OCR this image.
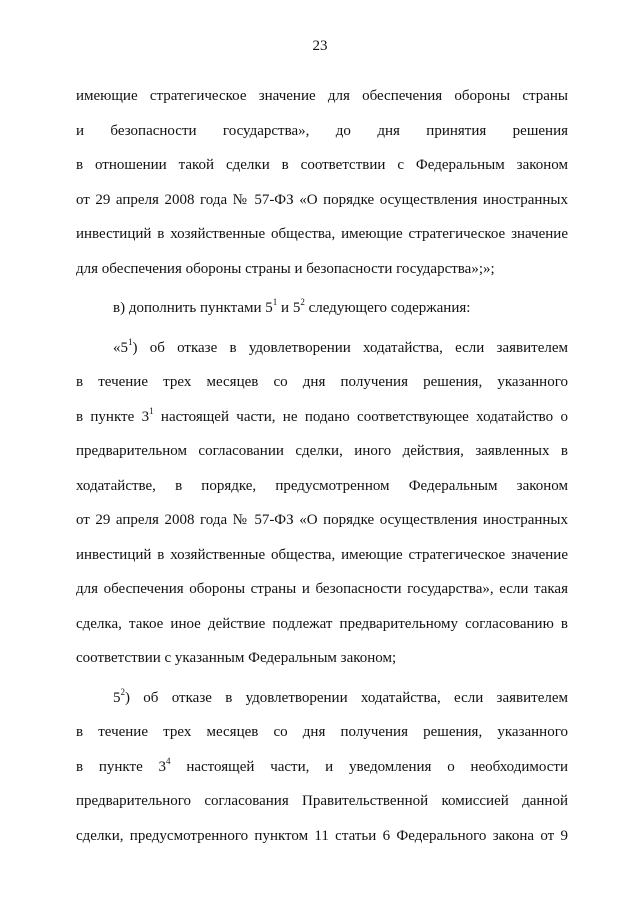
23
имеющие стратегическое значение для обеспечения обороны страны
и безопасности государства», до дня принятия решения
в отношении такой сделки в соответствии с Федеральным законом
от 29 апреля 2008 года № 57-ФЗ «О порядке осуществления иностранных
инвестиций в хозяйственные общества, имеющие стратегическое значение
для обеспечения обороны страны и безопасности государства»;»;
в) дополнить пунктами $5^1$ и $5^2$ следующего содержания:
«$5^1$) об отказе в удовлетворении ходатайства, если заявителем
в течение трех месяцев со дня получения решения, указанного
в пункте $3^1$ настоящей части, не подано соответствующее ходатайство о
предварительном согласовании сделки, иного действия, заявленных в
ходатайстве, в порядке, предусмотренном Федеральным законом
от 29 апреля 2008 года № 57-ФЗ «О порядке осуществления иностранных
инвестиций в хозяйственные общества, имеющие стратегическое значение
для обеспечения обороны страны и безопасности государства», если такая
сделка, такое иное действие подлежат предварительному согласованию в
соответствии с указанным Федеральным законом;
$5^2$) об отказе в удовлетворении ходатайства, если заявителем
в течение трех месяцев со дня получения решения, указанного
в пункте $3^4$ настоящей части, и уведомления о необходимости
предварительного согласования Правительственной комиссией данной
сделки, предусмотренного пунктом 11 статьи 6 Федерального закона от 9
